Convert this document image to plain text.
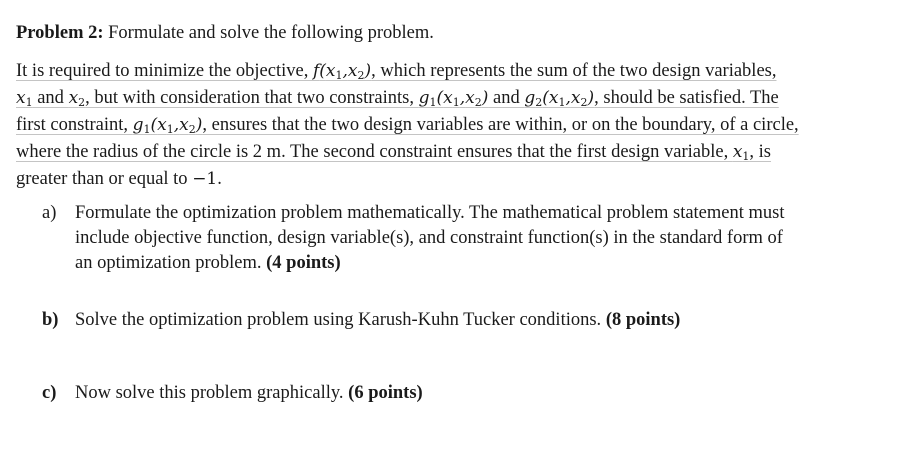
Problem 2: Formulate and solve the following problem.
It is required to minimize the objective, $f(x_1,x_2)$, which represents the sum of the two design variables,
$x_1$ and $x_2$, but with consideration that two constraints, $g_1(x_1,x_2)$ and $g_2(x_1,x_2)$, should be satisfied. The
first constraint, $g_1(x_1,x_2)$, ensures that the two design variables are within, or on the boundary, of a circle,
where the radius of the circle is 2 m. The second constraint ensures that the first design variable, $x_1$, is
greater than or equal to −1.
a)	Formulate the optimization problem mathematically. The mathematical problem statement must
include objective function, design variable(s), and constraint function(s) in the standard form of
an optimization problem. (4 points)
b) Solve the optimization problem using Karush-Kuhn Tucker conditions. (8 points)
c)	Now solve this problem graphically. (6 points)
